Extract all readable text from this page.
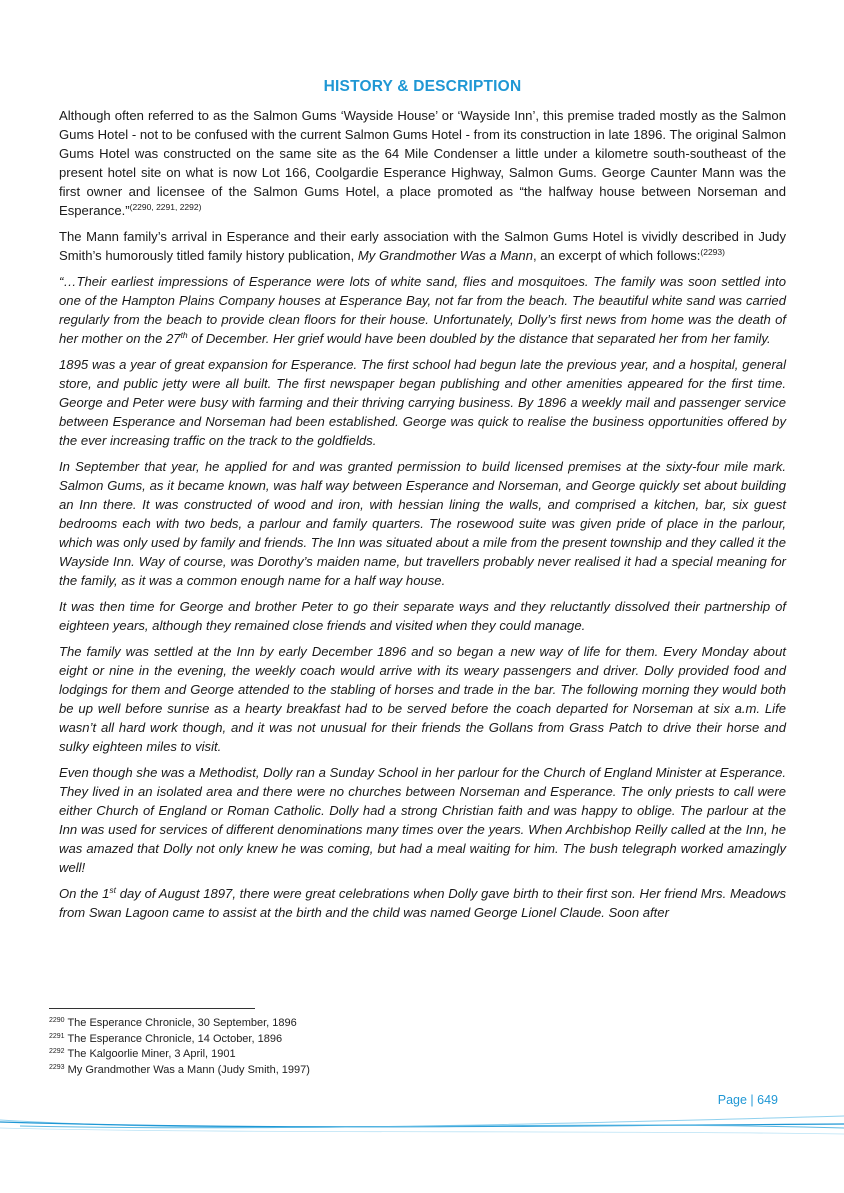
HISTORY & DESCRIPTION

Although often referred to as the Salmon Gums ‘Wayside House’ or ‘Wayside Inn’, this premise traded mostly as the Salmon Gums Hotel - not to be confused with the current Salmon Gums Hotel - from its construction in late 1896. The original Salmon Gums Hotel was constructed on the same site as the 64 Mile Condenser a little under a kilometre south-southeast of the present hotel site on what is now Lot 166, Coolgardie Esperance Highway, Salmon Gums. George Caunter Mann was the first owner and licensee of the Salmon Gums Hotel, a place promoted as “the halfway house between Norseman and Esperance.”$^{(2290, 2291, 2292)}$

The Mann family’s arrival in Esperance and their early association with the Salmon Gums Hotel is vividly described in Judy Smith’s humorously titled family history publication, My Grandmother Was a Mann, an excerpt of which follows:$^{(2293)}$

“…Their earliest impressions of Esperance were lots of white sand, flies and mosquitoes. The family was soon settled into one of the Hampton Plains Company houses at Esperance Bay, not far from the beach. The beautiful white sand was carried regularly from the beach to provide clean floors for their house. Unfortunately, Dolly’s first news from home was the death of her mother on the 27th of December. Her grief would have been doubled by the distance that separated her from her family.

1895 was a year of great expansion for Esperance. The first school had begun late the previous year, and a hospital, general store, and public jetty were all built. The first newspaper began publishing and other amenities appeared for the first time. George and Peter were busy with farming and their thriving carrying business. By 1896 a weekly mail and passenger service between Esperance and Norseman had been established. George was quick to realise the business opportunities offered by the ever increasing traffic on the track to the goldfields.

In September that year, he applied for and was granted permission to build licensed premises at the sixty-four mile mark. Salmon Gums, as it became known, was half way between Esperance and Norseman, and George quickly set about building an Inn there. It was constructed of wood and iron, with hessian lining the walls, and comprised a kitchen, bar, six guest bedrooms each with two beds, a parlour and family quarters. The rosewood suite was given pride of place in the parlour, which was only used by family and friends. The Inn was situated about a mile from the present township and they called it the Wayside Inn. Way of course, was Dorothy’s maiden name, but travellers probably never realised it had a special meaning for the family, as it was a common enough name for a half way house.

It was then time for George and brother Peter to go their separate ways and they reluctantly dissolved their partnership of eighteen years, although they remained close friends and visited when they could manage.

The family was settled at the Inn by early December 1896 and so began a new way of life for them. Every Monday about eight or nine in the evening, the weekly coach would arrive with its weary passengers and driver. Dolly provided food and lodgings for them and George attended to the stabling of horses and trade in the bar. The following morning they would both be up well before sunrise as a hearty breakfast had to be served before the coach departed for Norseman at six a.m. Life wasn’t all hard work though, and it was not unusual for their friends the Gollans from Grass Patch to drive their horse and sulky eighteen miles to visit.

Even though she was a Methodist, Dolly ran a Sunday School in her parlour for the Church of England Minister at Esperance. They lived in an isolated area and there were no churches between Norseman and Esperance. The only priests to call were either Church of England or Roman Catholic. Dolly had a strong Christian faith and was happy to oblige. The parlour at the Inn was used for services of different denominations many times over the years. When Archbishop Reilly called at the Inn, he was amazed that Dolly not only knew he was coming, but had a meal waiting for him. The bush telegraph worked amazingly well!

On the 1st day of August 1897, there were great celebrations when Dolly gave birth to their first son. Her friend Mrs. Meadows from Swan Lagoon came to assist at the birth and the child was named George Lionel Claude. Soon after

$^{2290}$ The Esperance Chronicle, 30 September, 1896
$^{2291}$ The Esperance Chronicle, 14 October, 1896
$^{2292}$ The Kalgoorlie Miner, 3 April, 1901
$^{2293}$ My Grandmother Was a Mann (Judy Smith, 1997)
Page | 649
